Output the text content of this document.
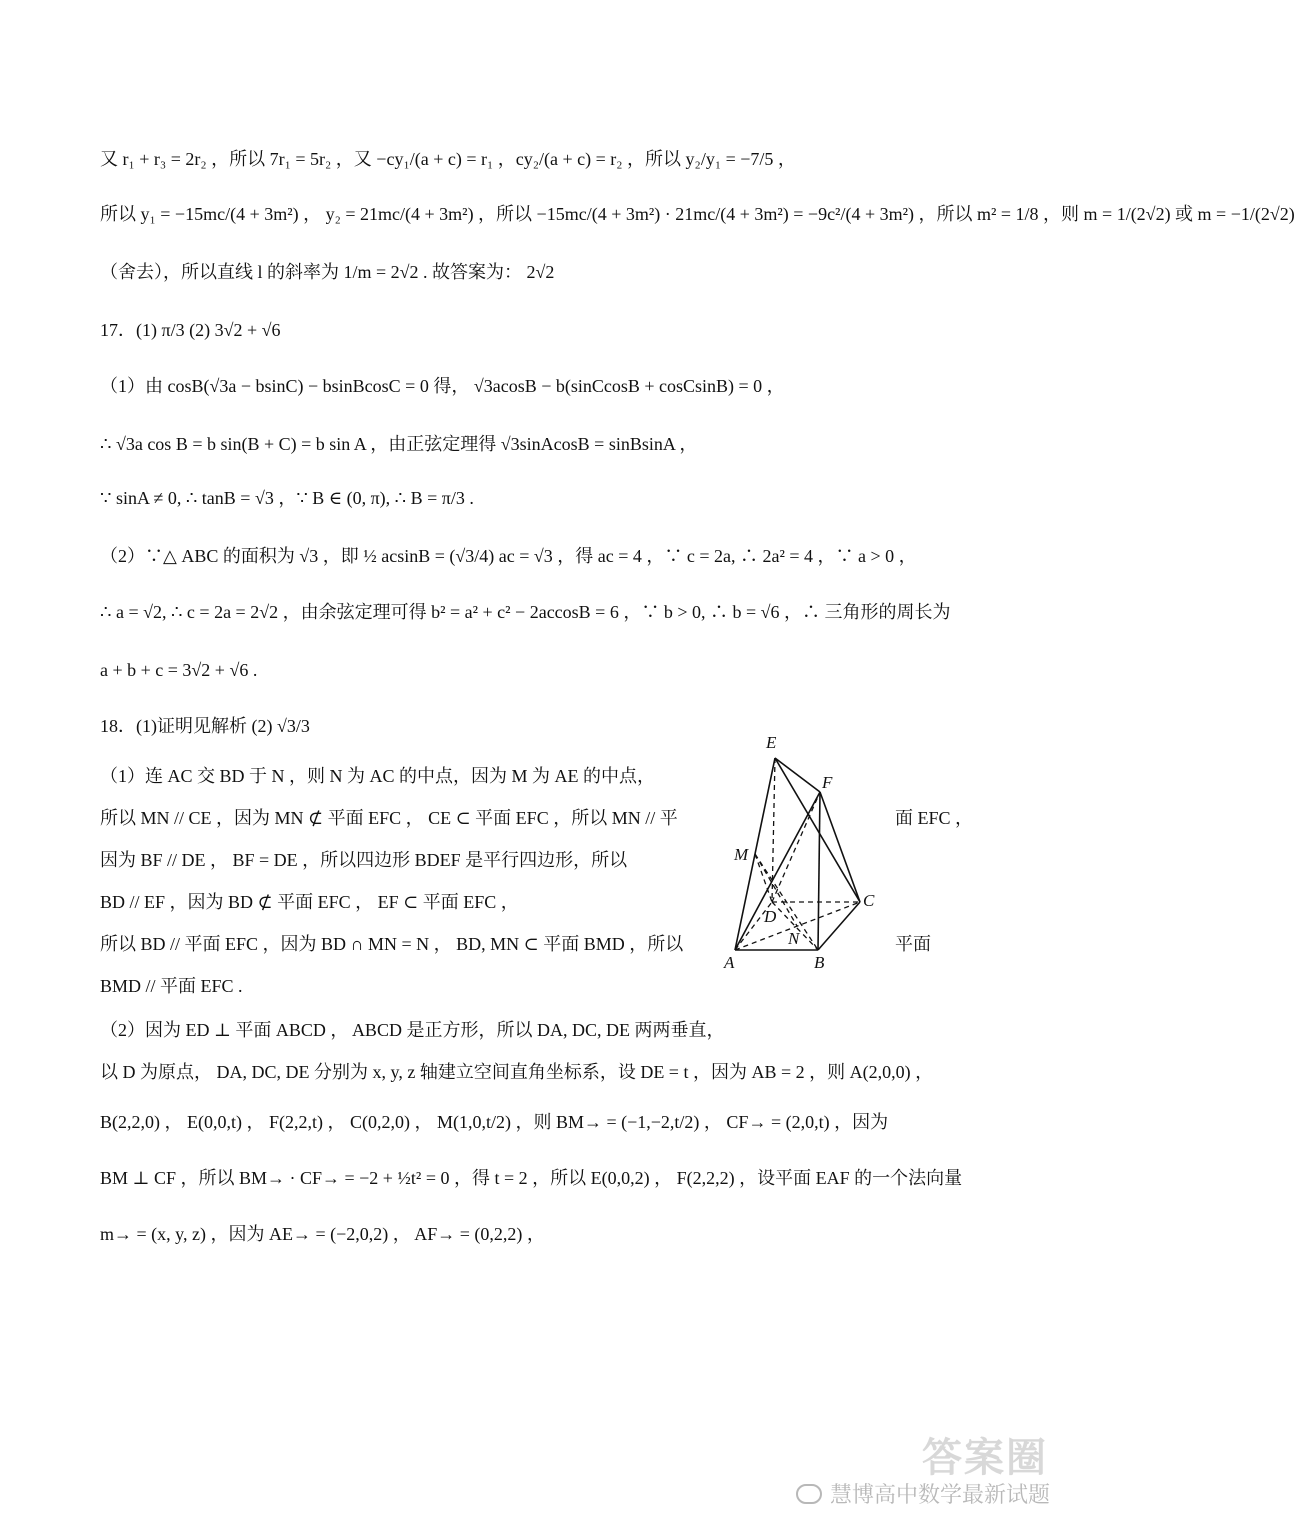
又 r₁ + r₃ = 2r₂ ，所以 7r₁ = 5r₂ ，又 −cy₁/(a + c) = r₁ ，cy₂/(a + c) = r₂ ，所以 y₂/y₁ = −7/5 ，
所以 y₁ = −15mc/(4 + 3m²) ， y₂ = 21mc/(4 + 3m²) ，所以 −15mc/(4 + 3m²) · 21mc/(4 + 3m²) = −9c²/(4 + 3m²) ，所以 m² = 1/8 ，则 m = 1/(2√2) 或 m = −1/(2√2)
（舍去），所以直线 l 的斜率为 1/m = 2√2 . 故答案为： 2√2
17．(1) π/3 (2) 3√2 + √6
（1）由 cosB(√3a − bsinC) − bsinBcosC = 0 得， √3acosB − b(sinCcosB + cosCsinB) = 0 ，
∴ √3a cos B = b sin(B + C) = b sin A ，由正弦定理得 √3sinAcosB = sinBsinA ，
∵ sinA ≠ 0, ∴ tanB = √3 ，∵ B ∈ (0, π), ∴ B = π/3 .
（2）∵△ ABC 的面积为 √3 ，即 ½ acsinB = (√3/4) ac = √3 ，得 ac = 4 ，∵ c = 2a, ∴ 2a² = 4 ，∵ a > 0 ，
∴ a = √2, ∴ c = 2a = 2√2 ，由余弦定理可得 b² = a² + c² − 2accosB = 6 ，∵ b > 0, ∴ b = √6 ，∴ 三角形的周长为
a + b + c = 3√2 + √6 .
18．(1)证明见解析 (2) √3/3
（1）连 AC 交 BD 于 N ，则 N 为 AC 的中点，因为 M 为 AE 的中点，
所以 MN // CE ，因为 MN ⊄ 平面 EFC ， CE ⊂ 平面 EFC ，所以 MN // 平
因为 BF // DE ， BF = DE ，所以四边形 BDEF 是平行四边形，所以
BD // EF ，因为 BD ⊄ 平面 EFC ， EF ⊂ 平面 EFC ，
所以 BD // 平面 EFC ，因为 BD ∩ MN = N ， BD, MN ⊂ 平面 BMD ，所以
BMD // 平面 EFC .
（2）因为 ED ⊥ 平面 ABCD ， ABCD 是正方形，所以 DA, DC, DE 两两垂直，
以 D 为原点， DA, DC, DE 分别为 x, y, z 轴建立空间直角坐标系，设 DE = t ，因为 AB = 2 ，则 A(2,0,0) ，
B(2,2,0) ， E(0,0,t) ， F(2,2,t) ， C(0,2,0) ， M(1,0,t/2) ，则 BM→ = (−1,−2,t/2) ， CF→ = (2,0,t) ，因为
BM ⊥ CF ，所以 BM→ · CF→ = −2 + ½t² = 0 ，得 t = 2 ，所以 E(0,0,2) ， F(2,2,2) ，设平面 EAF 的一个法向量
m→ = (x, y, z) ，因为 AE→ = (−2,0,2) ， AF→ = (0,2,2) ，
面 EFC ，
平面
E
F
M
D
C
N
A	B
答案圈
慧博高中数学最新试题
